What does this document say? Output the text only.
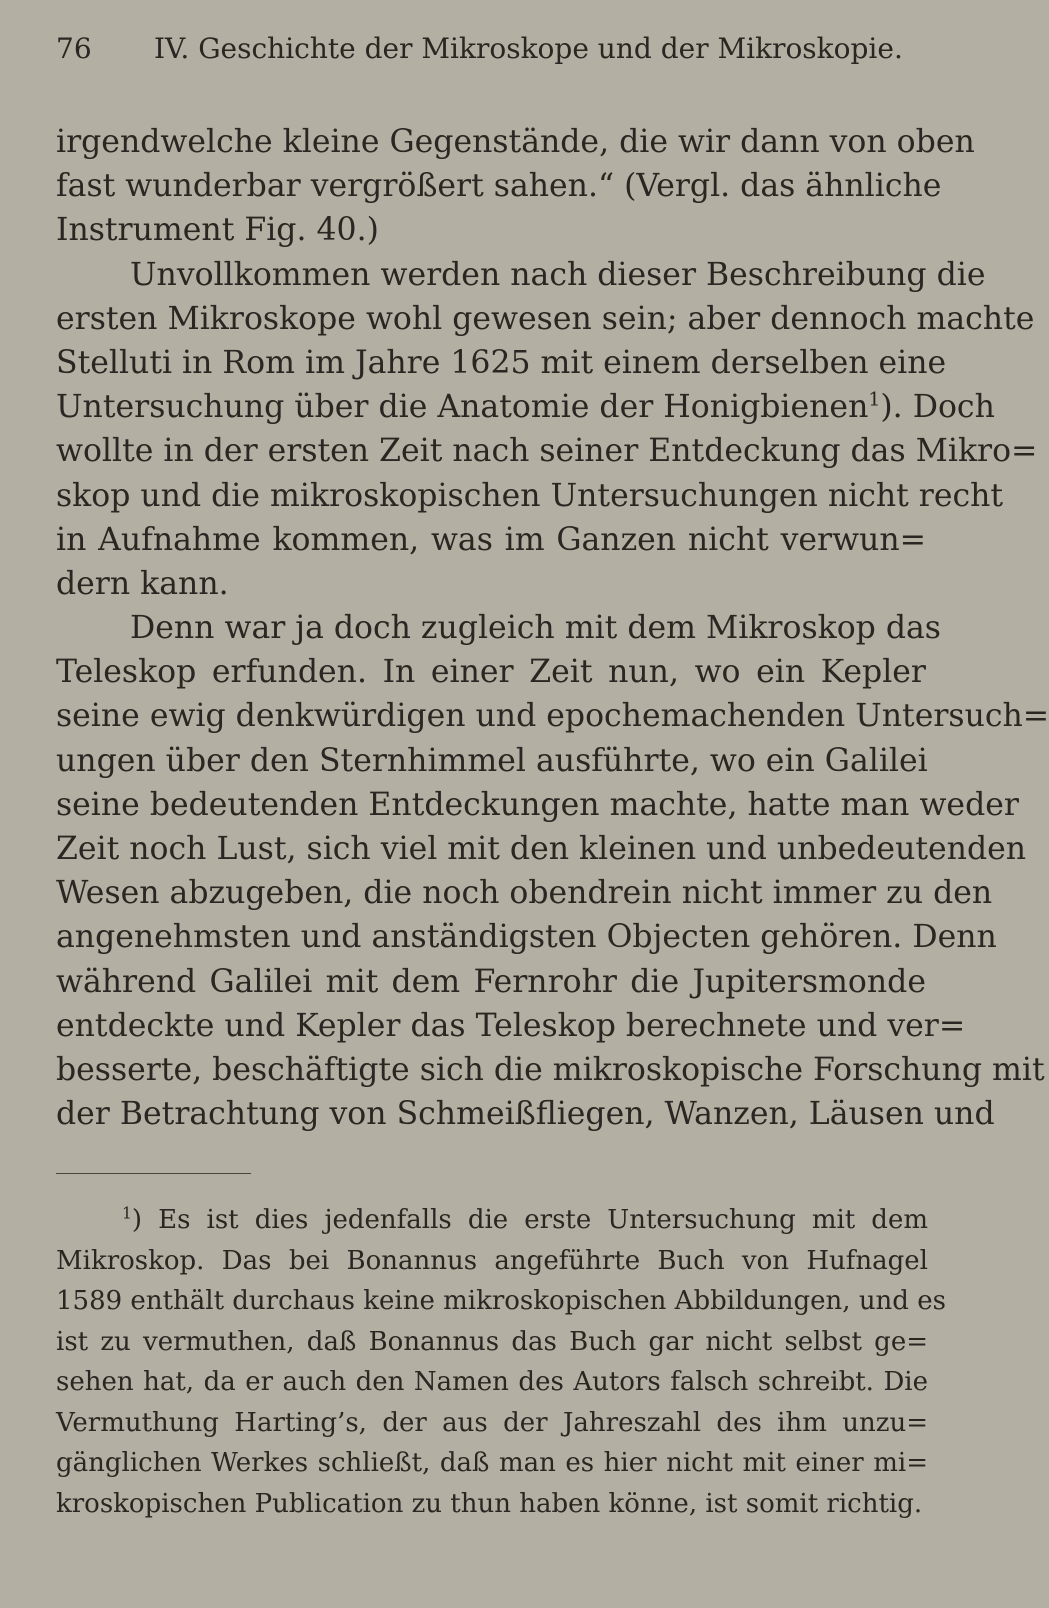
76 IV. Geschichte der Mikroskope und der Mikroskopie.
irgendwelche kleine Gegenstände, die wir dann von oben
fast wunderbar vergrößert sahen.“ (Vergl. das ähnliche
Instrument Fig. 40.)
Unvollkommen werden nach dieser Beschreibung die
ersten Mikroskope wohl gewesen sein; aber dennoch machte
Stelluti in Rom im Jahre 1625 mit einem derselben eine
Untersuchung über die Anatomie der Honigbienen$^1$). Doch
wollte in der ersten Zeit nach seiner Entdeckung das Mikro=
skop und die mikroskopischen Untersuchungen nicht recht
in Aufnahme kommen, was im Ganzen nicht verwun=
dern kann.
Denn war ja doch zugleich mit dem Mikroskop das
Teleskop erfunden. In einer Zeit nun, wo ein Kepler
seine ewig denkwürdigen und epochemachenden Untersuch=
ungen über den Sternhimmel ausführte, wo ein Galilei
seine bedeutenden Entdeckungen machte, hatte man weder
Zeit noch Lust, sich viel mit den kleinen und unbedeutenden
Wesen abzugeben, die noch obendrein nicht immer zu den
angenehmsten und anständigsten Objecten gehören. Denn
während Galilei mit dem Fernrohr die Jupitersmonde
entdeckte und Kepler das Teleskop berechnete und ver=
besserte, beschäftigte sich die mikroskopische Forschung mit
der Betrachtung von Schmeißfliegen, Wanzen, Läusen und
$^1$) Es ist dies jedenfalls die erste Untersuchung mit dem
Mikroskop. Das bei Bonannus angeführte Buch von Hufnagel
1589 enthält durchaus keine mikroskopischen Abbildungen, und es
ist zu vermuthen, daß Bonannus das Buch gar nicht selbst ge=
sehen hat, da er auch den Namen des Autors falsch schreibt. Die
Vermuthung Harting’s, der aus der Jahreszahl des ihm unzu=
gänglichen Werkes schließt, daß man es hier nicht mit einer mi=
kroskopischen Publication zu thun haben könne, ist somit richtig.
